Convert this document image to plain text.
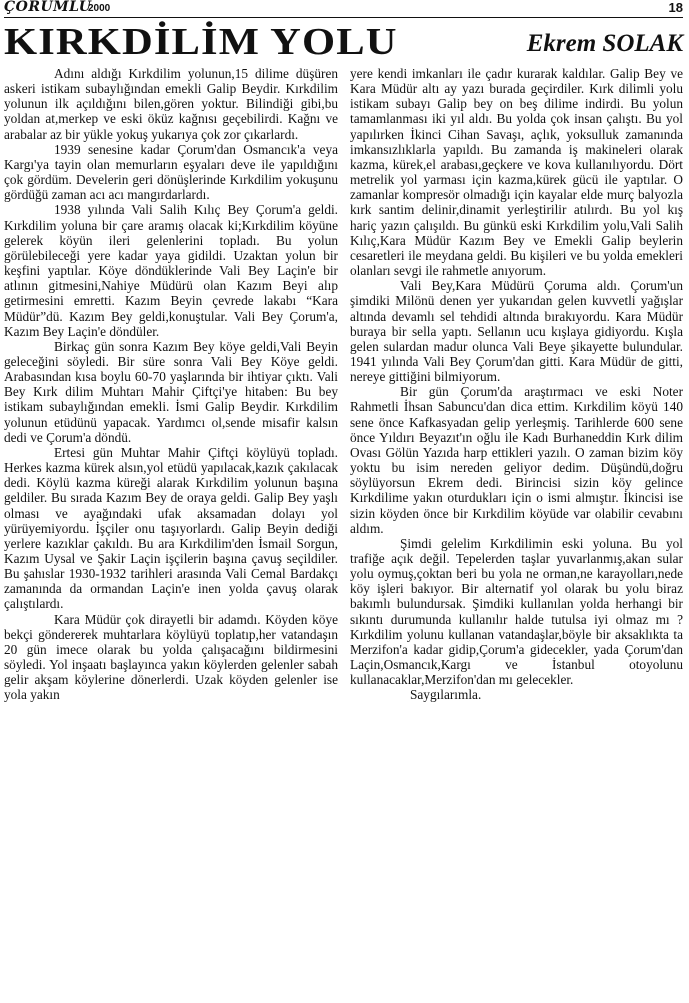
ÇORUMLU
2000	18
KIRKDİLİM YOLU	Ekrem SOLAK

Adını aldığı Kırkdilim yolunun,15 dilime düşüren askeri istikam subaylığından emekli Galip Beydir. Kırkdilim yolunun ilk açıldığını bilen,gören yoktur. Bilindiği gibi,bu yoldan at,merkep ve eski öküz kağnısı geçebilirdi. Kağnı ve arabalar az bir yükle yokuş yukarıya çok zor çıkarlardı.

1939 senesine kadar Çorum'dan Osmancık'a veya Kargı'ya tayin olan memurların eşyaları deve ile yapıldığını çok gördüm. Develerin geri dönüşlerinde Kırkdilim yokuşunu gördüğü zaman acı acı mangırdarlardı.

1938 yılında Vali Salih Kılıç Bey Çorum'a geldi. Kırkdilim yoluna bir çare aramış olacak ki;Kırkdilim köyüne gelerek köyün ileri gelenlerini topladı. Bu yolun görülebileceği yere kadar yaya gidildi. Uzaktan yolun bir keşfini yaptılar. Köye döndüklerinde Vali Bey Laçin'e bir atlının gitmesini,Nahiye Müdürü olan Kazım Beyi alıp getirmesini emretti. Kazım Beyin çevrede lakabı “Kara Müdür”dü. Kazım Bey geldi,konuştular. Vali Bey Çorum'a, Kazım Bey Laçin'e döndüler.

Birkaç gün sonra Kazım Bey köye geldi,Vali Beyin geleceğini söyledi. Bir süre sonra Vali Bey Köye geldi. Arabasından kısa boylu 60-70 yaşlarında bir ihtiyar çıktı. Vali Bey Kırk dilim Muhtarı Mahir Çiftçi'ye hitaben: Bu bey istikam subaylığından emekli. İsmi Galip Beydir. Kırkdilim yolunun etüdünü yapacak. Yardımcı ol,sende misafir kalsın dedi ve Çorum'a döndü.

Ertesi gün Muhtar Mahir Çiftçi köylüyü topladı. Herkes kazma kürek alsın,yol etüdü yapılacak,kazık çakılacak dedi. Köylü kazma küreği alarak Kırkdilim yolunun başına geldiler. Bu sırada Kazım Bey de oraya geldi. Galip Bey yaşlı olması ve ayağındaki ufak aksamadan dolayı yol yürüyemiyordu. İşçiler onu taşıyorlardı. Galip Beyin dediği yerlere kazıklar çakıldı. Bu ara Kırkdilim'den İsmail Sorgun, Kazım Uysal ve Şakir Laçin işçilerin başına çavuş seçildiler. Bu şahıslar 1930-1932 tarihleri arasında Vali Cemal Bardakçı zamanında da ormandan Laçin'e inen yolda çavuş olarak çalıştılardı.

Kara Müdür çok dirayetli bir adamdı. Köyden köye bekçi göndererek muhtarlara köylüyü toplatıp,her vatandaşın 20 gün imece olarak bu yolda çalışacağını bildirmesini söyledi. Yol inşaatı başlayınca yakın köylerden gelenler sabah gelir akşam köylerine dönerlerdi. Uzak köyden gelenler ise yola yakın

yere kendi imkanları ile çadır kurarak kaldılar. Galip Bey ve Kara Müdür altı ay yazı burada geçirdiler. Kırk dilimli yolu istikam subayı Galip bey on beş dilime indirdi. Bu yolun tamamlanması iki yıl aldı. Bu yolda çok insan çalıştı. Bu yol yapılırken İkinci Cihan Savaşı, açlık, yoksulluk zamanında imkansızlıklarla yapıldı. Bu zamanda iş makineleri olarak kazma, kürek,el arabası,geçkere ve kova kullanılıyordu. Dört metrelik yol yarması için kazma,kürek gücü ile yaptılar. O zamanlar kompresör olmadığı için kayalar elde murç balyozla kırk santim delinir,dinamit yerleştirilir atılırdı. Bu yol kış hariç yazın çalışıldı. Bu günkü eski Kırkdilim yolu,Vali Salih Kılıç,Kara Müdür Kazım Bey ve Emekli Galip beylerin cesaretleri ile meydana geldi. Bu kişileri ve bu yolda emekleri olanları sevgi ile rahmetle anıyorum.

Vali Bey,Kara Müdürü Çoruma aldı. Çorum'un şimdiki Milönü denen yer yukarıdan gelen kuvvetli yağışlar altında devamlı sel tehdidi altında bırakıyordu. Kara Müdür buraya bir sella yaptı. Sellanın ucu kışlaya gidiyordu. Kışla gelen sulardan madur olunca Vali Beye şikayette bulundular. 1941 yılında Vali Bey Çorum'dan gitti. Kara Müdür de gitti, nereye gittiğini bilmiyorum.

Bir gün Çorum'da araştırmacı ve eski Noter Rahmetli İhsan Sabuncu'dan dica ettim. Kırkdilim köyü 140 sene önce Kafkasyadan gelip yerleşmiş. Tarihlerde 600 sene önce Yıldırı Beyazıt'ın oğlu ile Kadı Burhaneddin Kırk dilim Ovası Gölün Yazıda harp ettikleri yazılı. O zaman bizim köy yoktu bu isim nereden geliyor dedim. Düşündü,doğru söylüyorsun Ekrem dedi. Birincisi sizin köy gelince Kırkdilime yakın oturdukları için o ismi almıştır. İkincisi ise sizin köyden önce bir Kırkdilim köyüde var olabilir cevabını aldım.

Şimdi gelelim Kırkdilimin eski yoluna. Bu yol trafiğe açık değil. Tepelerden taşlar yuvarlanmış,akan sular yolu oymuş,çoktan beri bu yola ne orman,ne karayolları,nede köy işleri bakıyor. Bir alternatif yol olarak bu yolu biraz bakımlı bulundursak. Şimdiki kullanılan yolda herhangi bir sıkıntı durumunda kullanılır halde tutulsa iyi olmaz mı ? Kırkdilim yolunu kullanan vatandaşlar,böyle bir aksaklıkta ta Merzifon'a kadar gidip,Çorum'a gidecekler, yada Çorum'dan Laçin,Osmancık,Kargı ve İstanbul otoyolunu kullanacaklar,Merzifon'dan mı gelecekler.

Saygılarımla.
